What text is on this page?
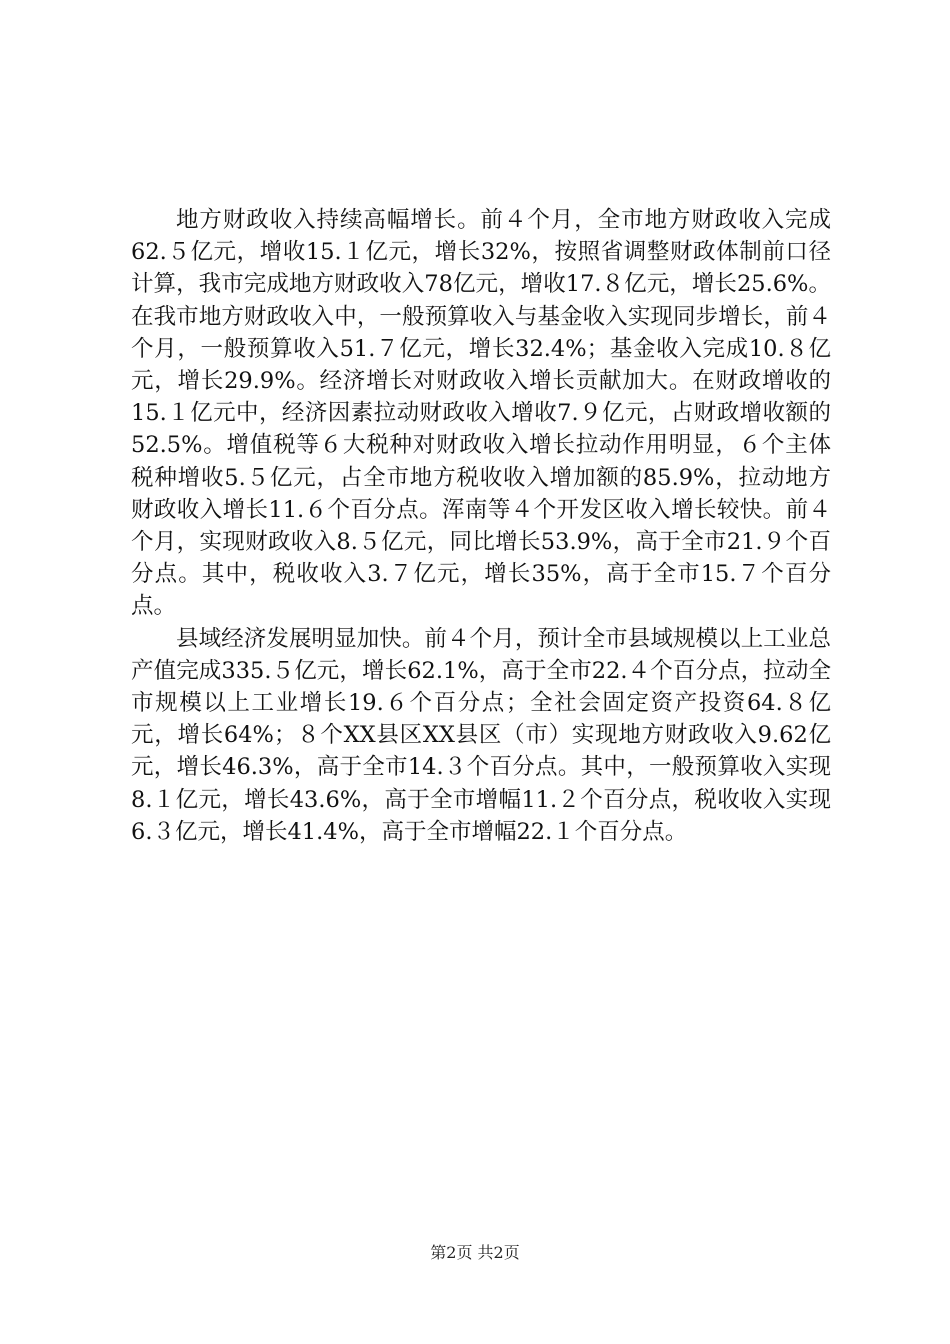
地方财政收入持续高幅增长。前４个月，全市地方财政收入完成62.５亿元，增收15.１亿元，增长32%，按照省调整财政体制前口径计算，我市完成地方财政收入78亿元，增收17.８亿元，增长25.6%。在我市地方财政收入中，一般预算收入与基金收入实现同步增长，前４个月，一般预算收入51.７亿元，增长32.4%；基金收入完成10.８亿元，增长29.9%。经济增长对财政收入增长贡献加大。在财政增收的15.１亿元中，经济因素拉动财政收入增收7.９亿元，占财政增收额的52.5%。增值税等６大税种对财政收入增长拉动作用明显，６个主体税种增收5.５亿元，占全市地方税收收入增加额的85.9%，拉动地方财政收入增长11.６个百分点。浑南等４个开发区收入增长较快。前４个月，实现财政收入8.５亿元，同比增长53.9%，高于全市21.９个百分点。其中，税收收入3.７亿元，增长35%，高于全市15.７个百分点。

县域经济发展明显加快。前４个月，预计全市县域规模以上工业总产值完成335.５亿元，增长62.1%，高于全市22.４个百分点，拉动全市规模以上工业增长19.６个百分点；全社会固定资产投资64.８亿元，增长64%；８个XX县区XX县区（市）实现地方财政收入9.62亿元，增长46.3%，高于全市14.３个百分点。其中，一般预算收入实现8.１亿元，增长43.6%，高于全市增幅11.２个百分点，税收收入实现6.３亿元，增长41.4%，高于全市增幅22.１个百分点。

第2页 共2页
